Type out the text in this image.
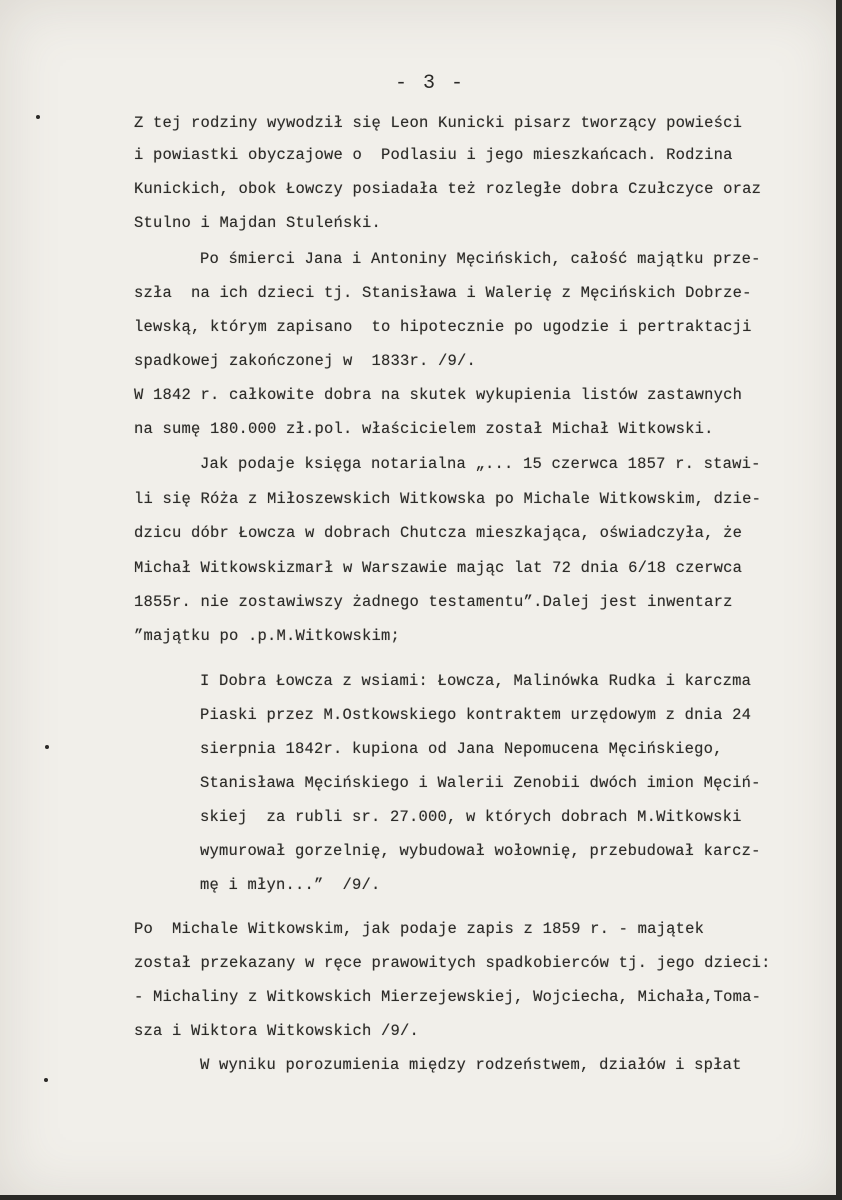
- 3 -
Z tej rodziny wywodził się Leon Kunicki pisarz tworzący powieści
i powiastki obyczajowe o  Podlasiu i jego mieszkańcach. Rodzina
Kunickich, obok Łowczy posiadała też rozległe dobra Czułczyce oraz
Stulno i Majdan Stuleński.
Po śmierci Jana i Antoniny Męcińskich, całość majątku prze-
szła  na ich dzieci tj. Stanisława i Walerię z Męcińskich Dobrze-
lewską, którym zapisano  to hipotecznie po ugodzie i pertraktacji
spadkowej zakończonej w  1833r. /9/.
W 1842 r. całkowite dobra na skutek wykupienia listów zastawnych
na sumę 180.000 zł.pol. właścicielem został Michał Witkowski.
Jak podaje księga notarialna „... 15 czerwca 1857 r. stawi-
li się Róża z Miłoszewskich Witkowska po Michale Witkowskim, dzie-
dzicu dóbr Łowcza w dobrach Chutcza mieszkająca, oświadczyła, że
Michał Witkowskizmarł w Warszawie mając lat 72 dnia 6/18 czerwca
1855r. nie zostawiwszy żadnego testamentu”.Dalej jest inwentarz
”majątku po .p.M.Witkowskim;
I Dobra Łowcza z wsiami: Łowcza, Malinówka Rudka i karczma
Piaski przez M.Ostkowskiego kontraktem urzędowym z dnia 24
sierpnia 1842r. kupiona od Jana Nepomucena Męcińskiego,
Stanisława Męcińskiego i Walerii Zenobii dwóch imion Męciń-
skiej  za rubli sr. 27.000, w których dobrach M.Witkowski
wymurował gorzelnię, wybudował wołownię, przebudował karcz-
mę i młyn...”  /9/.
Po  Michale Witkowskim, jak podaje zapis z 1859 r. - majątek
został przekazany w ręce prawowitych spadkobierców tj. jego dzieci:
- Michaliny z Witkowskich Mierzejewskiej, Wojciecha, Michała,Toma-
sza i Wiktora Witkowskich /9/.
W wyniku porozumienia między rodzeństwem, działów i spłat
